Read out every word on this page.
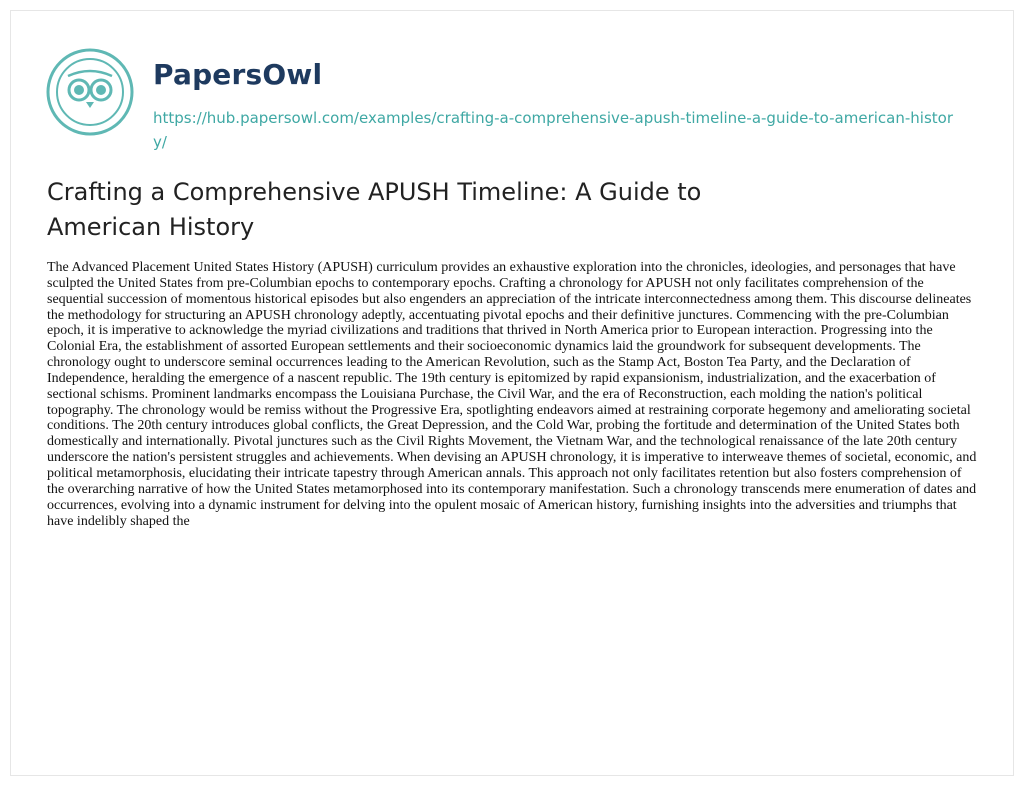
PapersOwl
https://hub.papersowl.com/examples/crafting-a-comprehensive-apush-timeline-a-guide-to-american-history/
Crafting a Comprehensive APUSH Timeline: A Guide to American History

The Advanced Placement United States History (APUSH) curriculum provides an exhaustive exploration into the chronicles, ideologies, and personages that have sculpted the United States from pre-Columbian epochs to contemporary epochs. Crafting a chronology for APUSH not only facilitates comprehension of the sequential succession of momentous historical episodes but also engenders an appreciation of the intricate interconnectedness among them. This discourse delineates the methodology for structuring an APUSH chronology adeptly, accentuating pivotal epochs and their definitive junctures. Commencing with the pre-Columbian epoch, it is imperative to acknowledge the myriad civilizations and traditions that thrived in North America prior to European interaction. Progressing into the Colonial Era, the establishment of assorted European settlements and their socioeconomic dynamics laid the groundwork for subsequent developments. The chronology ought to underscore seminal occurrences leading to the American Revolution, such as the Stamp Act, Boston Tea Party, and the Declaration of Independence, heralding the emergence of a nascent republic. The 19th century is epitomized by rapid expansionism, industrialization, and the exacerbation of sectional schisms. Prominent landmarks encompass the Louisiana Purchase, the Civil War, and the era of Reconstruction, each molding the nation's political topography. The chronology would be remiss without the Progressive Era, spotlighting endeavors aimed at restraining corporate hegemony and ameliorating societal conditions. The 20th century introduces global conflicts, the Great Depression, and the Cold War, probing the fortitude and determination of the United States both domestically and internationally. Pivotal junctures such as the Civil Rights Movement, the Vietnam War, and the technological renaissance of the late 20th century underscore the nation's persistent struggles and achievements. When devising an APUSH chronology, it is imperative to interweave themes of societal, economic, and political metamorphosis, elucidating their intricate tapestry through American annals. This approach not only facilitates retention but also fosters comprehension of the overarching narrative of how the United States metamorphosed into its contemporary manifestation. Such a chronology transcends mere enumeration of dates and occurrences, evolving into a dynamic instrument for delving into the opulent mosaic of American history, furnishing insights into the adversities and triumphs that have indelibly shaped the
